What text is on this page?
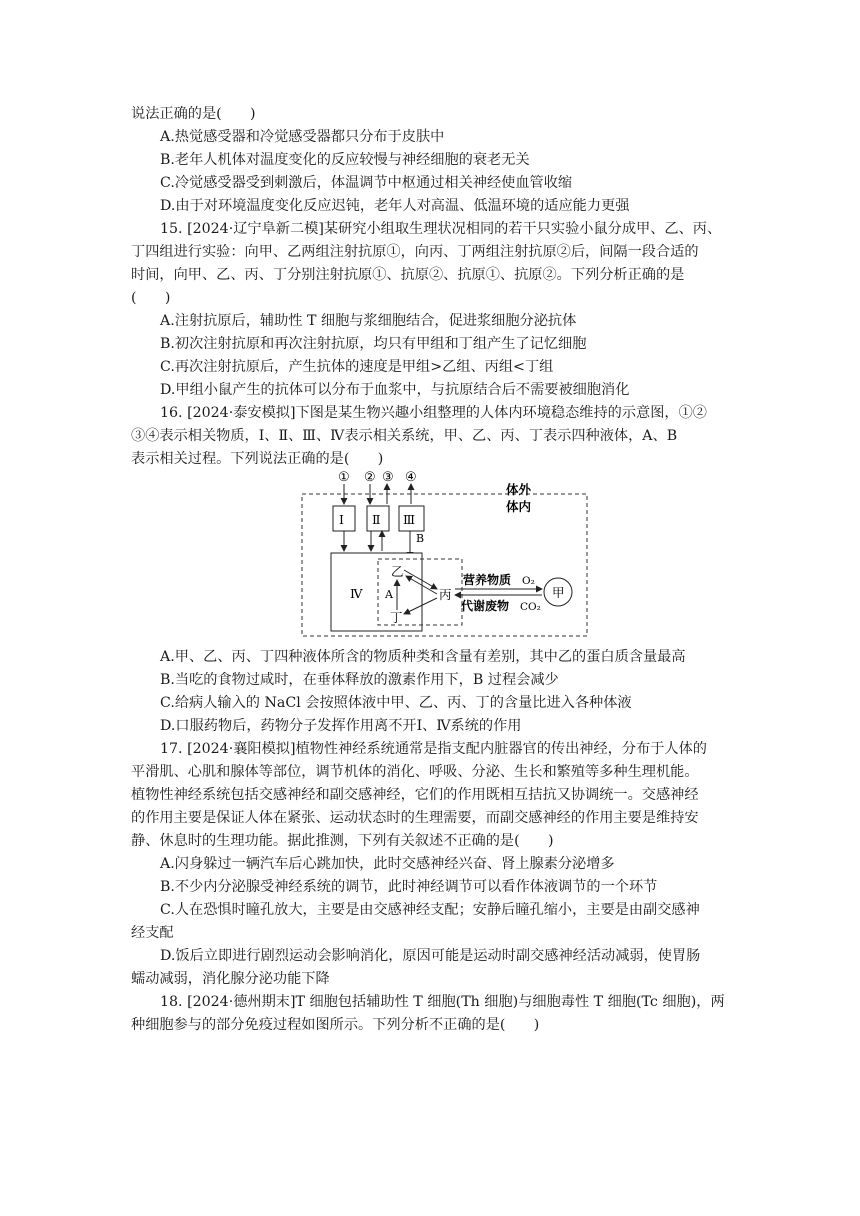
说法正确的是(　　)
A.热觉感受器和冷觉感受器都只分布于皮肤中
B.老年人机体对温度变化的反应较慢与神经细胞的衰老无关
C.冷觉感受器受到刺激后，体温调节中枢通过相关神经使血管收缩
D.由于对环境温度变化反应迟钝，老年人对高温、低温环境的适应能力更强
15. [2024·辽宁阜新二模]某研究小组取生理状况相同的若干只实验小鼠分成甲、乙、丙、
丁四组进行实验：向甲、乙两组注射抗原①，向丙、丁两组注射抗原②后，间隔一段合适的
时间，向甲、乙、丙、丁分别注射抗原①、抗原②、抗原①、抗原②。下列分析正确的是
(　　)
A.注射抗原后，辅助性 T 细胞与浆细胞结合，促进浆细胞分泌抗体
B.初次注射抗原和再次注射抗原，均只有甲组和丁组产生了记忆细胞
C.再次注射抗原后，产生抗体的速度是甲组>乙组、丙组<丁组
D.甲组小鼠产生的抗体可以分布于血浆中，与抗原结合后不需要被细胞消化
16. [2024·泰安模拟]下图是某生物兴趣小组整理的人体内环境稳态维持的示意图，①②
③④表示相关物质，Ⅰ、Ⅱ、Ⅲ、Ⅳ表示相关系统，甲、乙、丙、丁表示四种液体，A、B
表示相关过程。下列说法正确的是(　　)
体外
体内
① ② ③ ④
Ⅰ Ⅱ Ⅲ
B
Ⅳ
乙
丁
丙
A
营养物质 O₂
代谢废物 CO₂
甲
A.甲、乙、丙、丁四种液体所含的物质种类和含量有差别，其中乙的蛋白质含量最高
B.当吃的食物过咸时，在垂体释放的激素作用下，B 过程会减少
C.给病人输入的 NaCl 会按照体液中甲、乙、丙、丁的含量比进入各种体液
D.口服药物后，药物分子发挥作用离不开Ⅰ、Ⅳ系统的作用
17. [2024·襄阳模拟]植物性神经系统通常是指支配内脏器官的传出神经，分布于人体的
平滑肌、心肌和腺体等部位，调节机体的消化、呼吸、分泌、生长和繁殖等多种生理机能。
植物性神经系统包括交感神经和副交感神经，它们的作用既相互拮抗又协调统一。交感神经
的作用主要是保证人体在紧张、运动状态时的生理需要，而副交感神经的作用主要是维持安
静、休息时的生理功能。据此推测，下列有关叙述不正确的是(　　)
A.闪身躲过一辆汽车后心跳加快，此时交感神经兴奋、肾上腺素分泌增多
B.不少内分泌腺受神经系统的调节，此时神经调节可以看作体液调节的一个环节
C.人在恐惧时瞳孔放大，主要是由交感神经支配；安静后瞳孔缩小，主要是由副交感神
经支配
D.饭后立即进行剧烈运动会影响消化，原因可能是运动时副交感神经活动减弱，使胃肠
蠕动减弱，消化腺分泌功能下降
18. [2024·德州期末]T 细胞包括辅助性 T 细胞(Th 细胞)与细胞毒性 T 细胞(Tc 细胞)，两
种细胞参与的部分免疫过程如图所示。下列分析不正确的是(　　)
